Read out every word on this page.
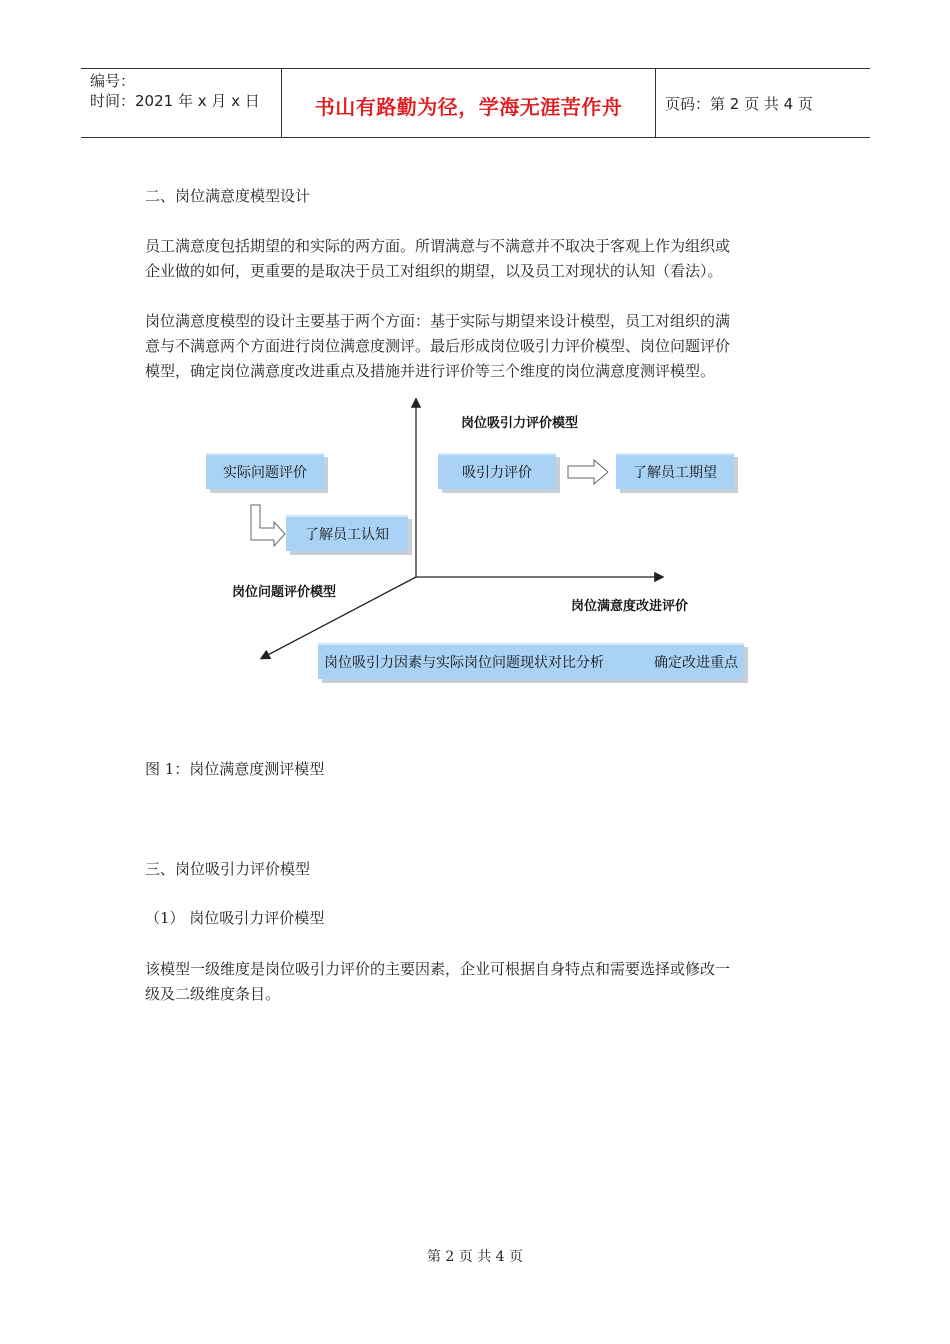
编号：
时间：2021 年 x 月 x 日	书山有路勤为径，学海无涯苦作舟	页码：第 2 页 共 4 页
二、岗位满意度模型设计
员工满意度包括期望的和实际的两方面。所谓满意与不满意并不取决于客观上作为组织或
企业做的如何，更重要的是取决于员工对组织的期望，以及员工对现状的认知（看法）。
岗位满意度模型的设计主要基于两个方面：基于实际与期望来设计模型，员工对组织的满
意与不满意两个方面进行岗位满意度测评。最后形成岗位吸引力评价模型、岗位问题评价
模型，确定岗位满意度改进重点及措施并进行评价等三个维度的岗位满意度测评模型。
岗位吸引力评价模型
岗位问题评价模型
岗位满意度改进评价
实际问题评价
了解员工认知
吸引力评价	了解员工期望
岗位吸引力因素与实际岗位问题现状对比分析	确定改进重点
图 1：岗位满意度测评模型
三、岗位吸引力评价模型
（1） 岗位吸引力评价模型
该模型一级维度是岗位吸引力评价的主要因素，企业可根据自身特点和需要选择或修改一
级及二级维度条目。
第 2 页 共 4 页
